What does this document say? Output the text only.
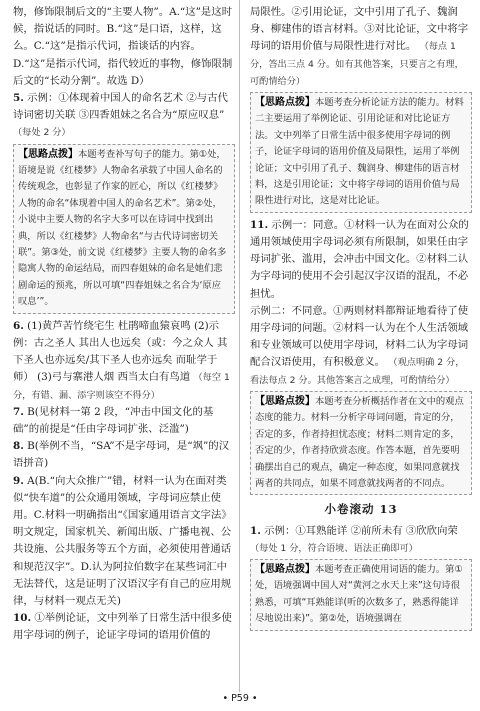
物，修饰限制后文的“主要人物”。A.“这”是这时候，指说话的同时。B.“这”是口语，这样，这么。C.“这”是指示代词，指谈话的内容。D.“这”是指示代词，指代较近的事物，修饰限制后文的“长动分割”。故选 D）

5. 示例：①体现着中国人的命名艺术 ②与古代诗词密切关联 ③四香姐妹之名合为“原应叹息” （每处 2 分）

【思路点拨】本题考查补写句子的能力。第①处，语境是说《红楼梦》人物命名承载了中国人命名的传统观念，也彰显了作家的匠心，所以《红楼梦》人物的命名“体现着中国人的命名艺术”。第②处，小说中主要人物的名字大多可以在诗词中找到出典，所以《红楼梦》人物命名“与古代诗词密切关联”。第③处，前文说《红楼梦》主要人物的命名多隐寓人物的命运结局，而四春姐妹的命名是她们悲剧命运的预兆，所以可填“四春姐妹之名合为‘原应叹息’”。

6. (1)黄芦苦竹绕宅生 杜鹃啼血猿哀鸣 (2)示例：古之圣人 其出人也远矣（或：今之众人 其下圣人也亦远矣/其下圣人也亦远矣 而耻学于师） (3)弓与寨港人烟 西当太白有鸟道 （每空 1 分，有错、漏、添字则该空不得分）

7. B(见材料一第 2 段，“冲击中国文化的基础”的前提是“任由字母词扩张、泛滥”)

8. B(举例不当，“SA”不是字母词，是“飒”的汉语拼音)

9. A(B.“向大众推广”错，材料一认为在面对类似“快车道”的公众通用领域，字母词应禁止使用。C.材料一明确指出“《国家通用语言文字法》明文规定，国家机关、新闻出版、广播电视、公共设施、公共服务等五个方面，必须使用普通话和规范汉字”。D.认为阿拉伯数字在某些词汇中无法替代，这是证明了汉语汉字有自己的应用规律，与材料一观点无关)

10. ①举例论证，文中列举了日常生活中很多使用字母词的例子，论证字母词的语用价值的

局限性。②引用论证，文中引用了孔子、魏润身、柳建伟的语言材料。③对比论证，文中将字母词的语用价值与局限性进行对比。 （每点 1 分，答出三点 4 分。如有其他答案，只要言之有理，可酌情给分）

【思路点拨】本题考查分析论证方法的能力。材料二主要运用了举例论证、引用论证和对比论证方法。文中列举了日常生活中很多使用字母词的例子，论证字母词的语用价值及局限性，运用了举例论证；文中引用了孔子、魏润身、柳建伟的语言材料，这是引用论证；文中将字母词的语用价值与局限性进行对比，这是对比论证。

11. 示例一：同意。①材料一认为在面对公众的通用领域使用字母词必须有所限制，如果任由字母词扩张、滥用，会冲击中国文化。②材料二认为字母词的使用不会引起汉字汉语的混乱，不必担忧。

示例二：不同意。①两则材料都辩证地看待了使用字母词的问题。②材料一认为在个人生活领域和专业领域可以使用字母词，材料二认为字母词配合汉语使用，有积极意义。 （观点明确 2 分，看法每点 2 分。其他答案言之成理，可酌情给分）

【思路点拨】本题考查分析概括作者在文中的观点态度的能力。材料一分析字母词问题，肯定的分，否定的多，作者持担忧态度；材料二则肯定的多，否定的少，作者持欣赏态度。作答本题，首先要明确摆出自己的观点，确定一种态度，如果同意就找两者的共同点，如果不同意就找两者的不同点。
小卷滚动 13

1. 示例：①耳熟能详 ②前所未有 ③欣欣向荣 （每处 1 分，符合语境、语法正确即可）

【思路点拨】本题考查正确使用词语的能力。第①处，语境强调中国人对“黄河之水天上来”这句诗很熟悉，可填“耳熟能详(听的次数多了，熟悉得能详尽地说出来)”。第②处，语境强调在
• P59 •
